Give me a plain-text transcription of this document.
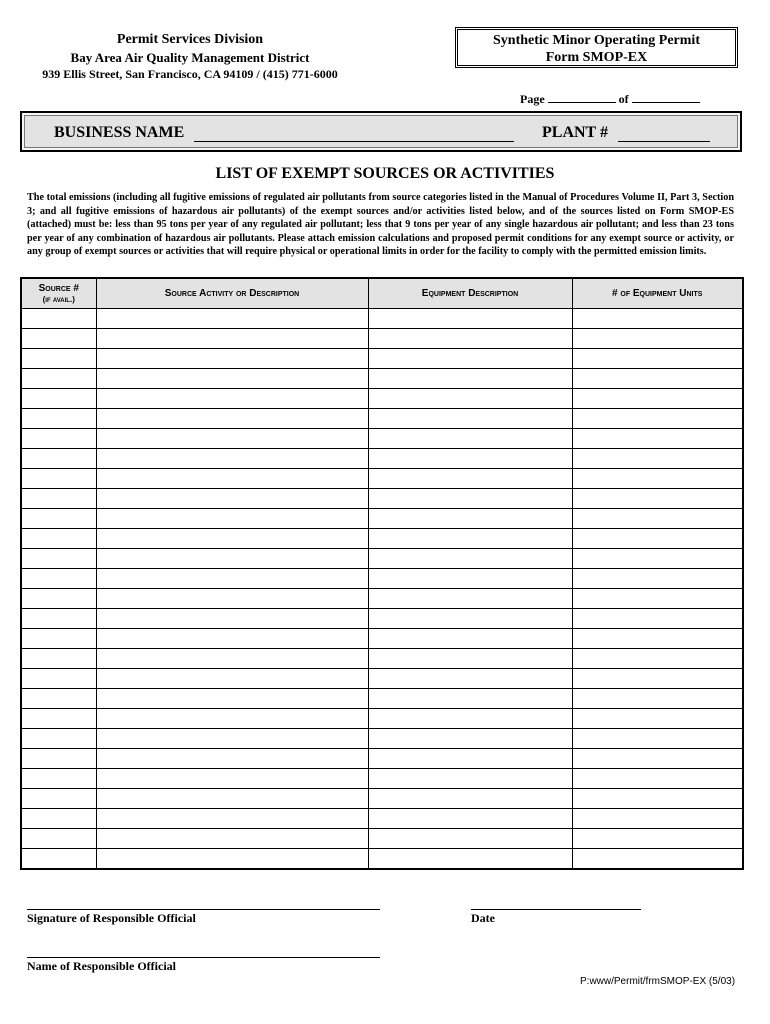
Permit Services Division
Bay Area Air Quality Management District
939 Ellis Street, San Francisco, CA 94109 / (415) 771-6000
Synthetic Minor Operating Permit
Form SMOP-EX
Page	of
BUSINESS NAME	PLANT #
LIST OF EXEMPT SOURCES OR ACTIVITIES

The total emissions (including all fugitive emissions of regulated air pollutants from source categories listed in the Manual of Procedures Volume II, Part 3, Section 3; and all fugitive emissions of hazardous air pollutants) of the exempt sources and/or activities listed below, and of the sources listed on Form SMOP-ES (attached) must be: less than 95 tons per year of any regulated air pollutant; less that 9 tons per year of any single hazardous air pollutant; and less than 23 tons per year of any combination of hazardous air pollutants. Please attach emission calculations and proposed permit conditions for any exempt source or activity, or any group of exempt sources or activities that will require physical or operational limits in order for the facility to comply with the permitted emission limits.

Source #
(if avail.)	Source Activity or Description	Equipment Description	# of Equipment Units

Signature of Responsible Official	Date
Name of Responsible Official
P:www/Permit/frmSMOP-EX (5/03)
